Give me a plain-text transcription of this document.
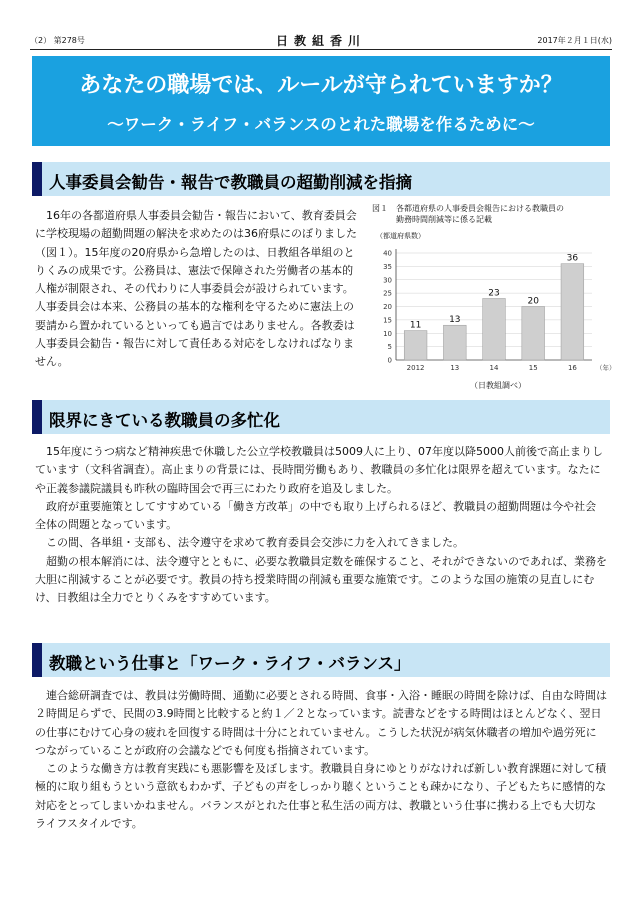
（2） 第278号	日教組香川	2017年２月１日(水)
あなたの職場では、ルールが守られていますか？
〜ワーク・ライフ・バランスのとれた職場を作るために〜
人事委員会勧告・報告で教職員の超勤削減を指摘

16年の各都道府県人事委員会勧告・報告において、教育委員会に学校現場の超勤問題の解決を求めたのは36府県にのぼりました（図１）。15年度の20府県から急増したのは、日教組各単組のとりくみの成果です。公務員は、憲法で保障された労働者の基本的人権が制限され、その代わりに人事委員会が設けられています。人事委員会は本来、公務員の基本的な権利を守るために憲法上の要請から置かれているといっても過言ではありません。各教委は人事委員会勧告・報告に対して責任ある対応をしなければなりません。

図１　各都道府県の人事委員会報告における教職員の
　　　勤務時間削減等に係る記載
（都道府県数）
0
5
10
15
20
25
30
35
40
11
2012
13
13
23
14
20
15
36
16	（年）
（日教組調べ）
限界にきている教職員の多忙化

15年度にうつ病など精神疾患で休職した公立学校教職員は5009人に上り、07年度以降5000人前後で高止まりしています（文科省調査）。高止まりの背景には、長時間労働もあり、教職員の多忙化は限界を超えています。なたにや正義参議院議員も昨秋の臨時国会で再三にわたり政府を追及しました。

政府が重要施策としてすすめている「働き方改革」の中でも取り上げられるほど、教職員の超勤問題は今や社会全体の問題となっています。

この間、各単組・支部も、法令遵守を求めて教育委員会交渉に力を入れてきました。

超勤の根本解消には、法令遵守とともに、必要な教職員定数を確保すること、それができないのであれば、業務を大胆に削減することが必要です。教員の持ち授業時間の削減も重要な施策です。このような国の施策の見直しにむけ、日教組は全力でとりくみをすすめています。

教職という仕事と「ワーク・ライフ・バランス」

連合総研調査では、教員は労働時間、通勤に必要とされる時間、食事・入浴・睡眠の時間を除けば、自由な時間は２時間足らずで、民間の3.9時間と比較すると約１／２となっています。読書などをする時間はほとんどなく、翌日の仕事にむけて心身の疲れを回復する時間は十分にとれていません。こうした状況が病気休職者の増加や過労死につながっていることが政府の会議などでも何度も指摘されています。

このような働き方は教育実践にも悪影響を及ぼします。教職員自身にゆとりがなければ新しい教育課題に対して積極的に取り組もうという意欲もわかず、子どもの声をしっかり聴くということも疎かになり、子どもたちに感情的な対応をとってしまいかねません。バランスがとれた仕事と私生活の両方は、教職という仕事に携わる上でも大切なライフスタイルです。
